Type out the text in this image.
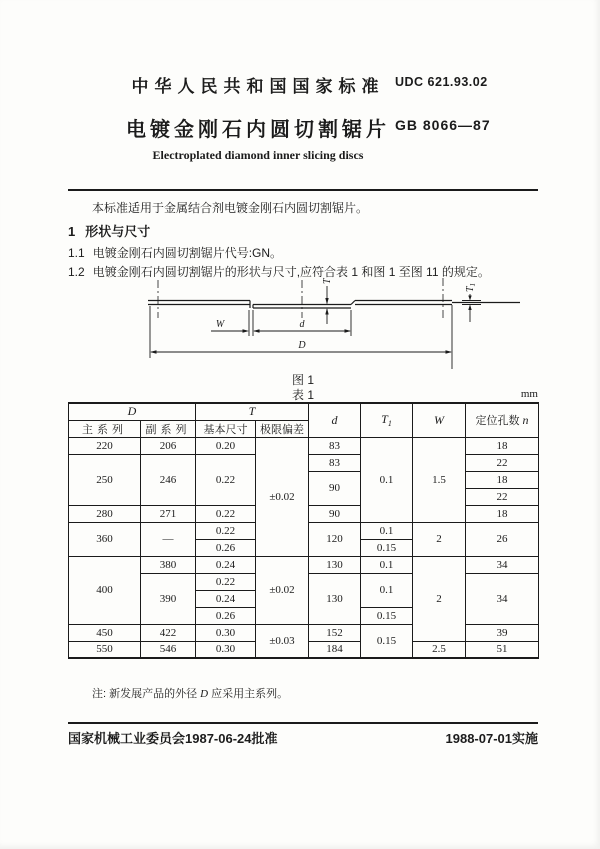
中华人民共和国国家标准 UDC 621.93.02
电镀金刚石内圆切割锯片 GB 8066—87
Electroplated diamond inner slicing discs
本标准适用于金属结合剂电镀金刚石内圆切割锯片。
1 形状与尺寸
1.1 电镀金刚石内圆切割锯片代号:GN。
1.2 电镀金刚石内圆切割锯片的形状与尺寸,应符合表 1 和图 1 至图 11 的规定。
T
$T_1$
W	d
D
图 1
表 1	mm
D		T		d	$T_1$	W	定位孔数 n
主系列	副系列	基本尺寸	极限偏差				
220	206	0.20	±0.02	83	0.1	1.5	18
250	246	0.22		83			22
				90			18
							22
280	271	0.22		90			18
360	—	0.22		120	0.1	2	26
		0.26			0.15		
400	380	0.24	±0.02	130	0.1	2	34
	390	0.22		130	0.1		34
		0.24					
		0.26			0.15		
450	422	0.30	±0.03	152	0.15		39
550	546	0.30		184		2.5	51
注: 新发展产品的外径 D 应采用主系列。
国家机械工业委员会1987-06-24批准	1988-07-01实施
